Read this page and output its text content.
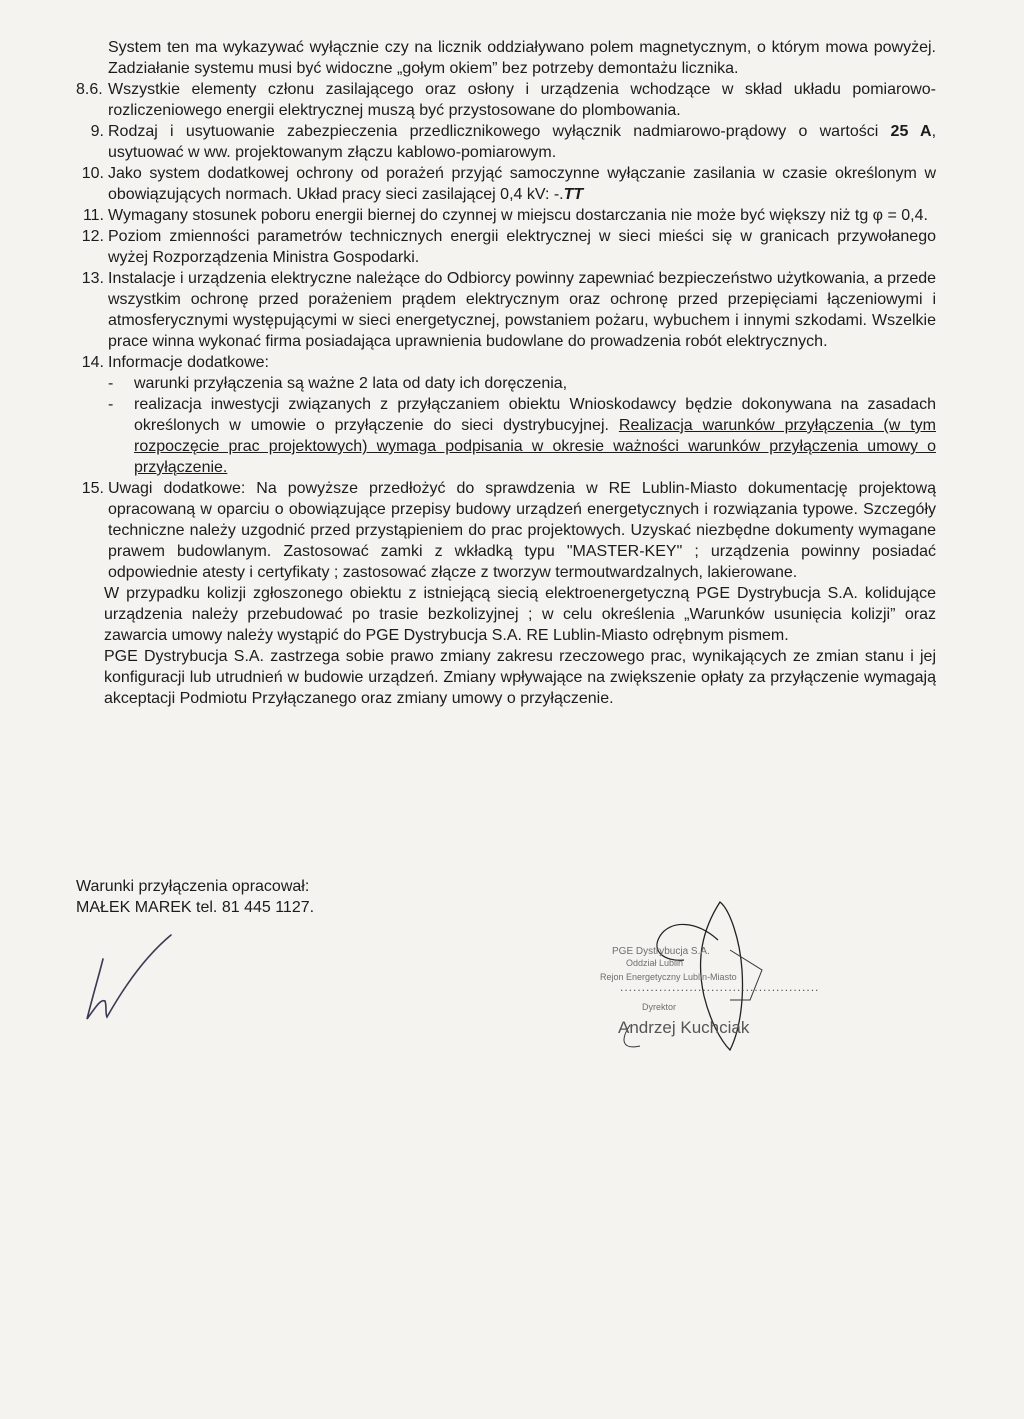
System ten ma wykazywać wyłącznie czy na licznik oddziaływano polem magnetycznym, o którym mowa powyżej. Zadziałanie systemu musi być widoczne „gołym okiem” bez potrzeby demontażu licznika.
8.6. Wszystkie elementy członu zasilającego oraz osłony i urządzenia wchodzące w skład układu pomiarowo-rozliczeniowego energii elektrycznej muszą być przystosowane do plombowania.
9. Rodzaj i usytuowanie zabezpieczenia przedlicznikowego wyłącznik nadmiarowo-prądowy o wartości 25 A, usytuować w ww. projektowanym złączu kablowo-pomiarowym.
10. Jako system dodatkowej ochrony od porażeń przyjąć samoczynne wyłączanie zasilania w czasie określonym w obowiązujących normach. Układ pracy sieci zasilającej 0,4 kV: -.TT
11. Wymagany stosunek poboru energii biernej do czynnej w miejscu dostarczania nie może być większy niż tg φ = 0,4.
12. Poziom zmienności parametrów technicznych energii elektrycznej w sieci mieści się w granicach przywołanego wyżej Rozporządzenia Ministra Gospodarki.
13. Instalacje i urządzenia elektryczne należące do Odbiorcy powinny zapewniać bezpieczeństwo użytkowania, a przede wszystkim ochronę przed porażeniem prądem elektrycznym oraz ochronę przed przepięciami łączeniowymi i atmosferycznymi występującymi w sieci energetycznej, powstaniem pożaru, wybuchem i innymi szkodami. Wszelkie prace winna wykonać firma posiadająca uprawnienia budowlane do prowadzenia robót elektrycznych.
14. Informacje dodatkowe:

-	warunki przyłączenia są ważne 2 lata od daty ich doręczenia,
-	realizacja inwestycji związanych z przyłączaniem obiektu Wnioskodawcy będzie dokonywana na zasadach określonych w umowie o przyłączenie do sieci dystrybucyjnej. Realizacja warunków przyłączenia (w tym rozpoczęcie prac projektowych) wymaga podpisania w okresie ważności warunków przyłączenia umowy o przyłączenie.
15. Uwagi dodatkowe: Na powyższe przedłożyć do sprawdzenia w RE Lublin-Miasto dokumentację projektową opracowaną w oparciu o obowiązujące przepisy budowy urządzeń energetycznych i rozwiązania typowe. Szczegóły techniczne należy uzgodnić przed przystąpieniem do prac projektowych. Uzyskać niezbędne dokumenty wymagane prawem budowlanym. Zastosować zamki z wkładką typu "MASTER-KEY" ; urządzenia powinny posiadać odpowiednie atesty i certyfikaty ; zastosować złącze z tworzyw termoutwardzalnych, lakierowane.
W przypadku kolizji zgłoszonego obiektu z istniejącą siecią elektroenergetyczną PGE Dystrybucja S.A. kolidujące urządzenia należy przebudować po trasie bezkolizyjnej ; w celu określenia „Warunków usunięcia kolizji” oraz zawarcia umowy należy wystąpić do PGE Dystrybucja S.A. RE Lublin-Miasto odrębnym pismem.
PGE Dystrybucja S.A. zastrzega sobie prawo zmiany zakresu rzeczowego prac, wynikających ze zmian stanu i jej konfiguracji lub utrudnień w budowie urządzeń. Zmiany wpływające na zwiększenie opłaty za przyłączenie wymagają akceptacji Podmiotu Przyłączanego oraz zmiany umowy o przyłączenie.
Warunki przyłączenia opracował:
MAŁEK MAREK tel. 81 445 1127.
PGE Dystrybucja S.A.
Oddział Lublin
Rejon Energetyczny Lublin-Miasto
..............................................
Dyrektor
Andrzej Kuchciak
